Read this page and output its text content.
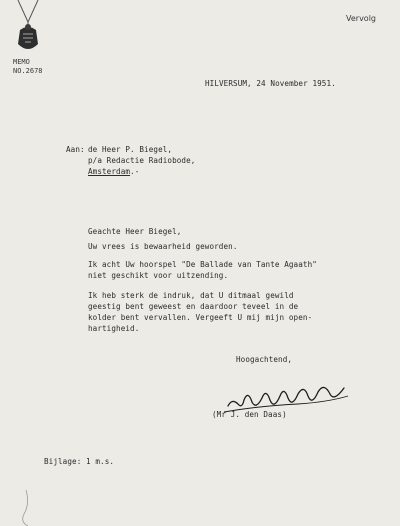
Vervolg
MEMO
NO.2678
HILVERSUM, 24 November 1951.
Aan: de Heer P. Biegel,
p/a Redactie Radiobode,
Amsterdam.-
Geachte Heer Biegel,
Uw vrees is bewaarheid geworden.
Ik acht Uw hoorspel "De Ballade van Tante Agaath"
niet geschikt voor uitzending.
Ik heb sterk de indruk, dat U ditmaal gewild
geestig bent geweest en daardoor teveel in de
kolder bent vervallen. Vergeeft U mij mijn open-
hartigheid.
Hoogachtend,
(Mr J. den Daas)
Bijlage: 1 m.s.
